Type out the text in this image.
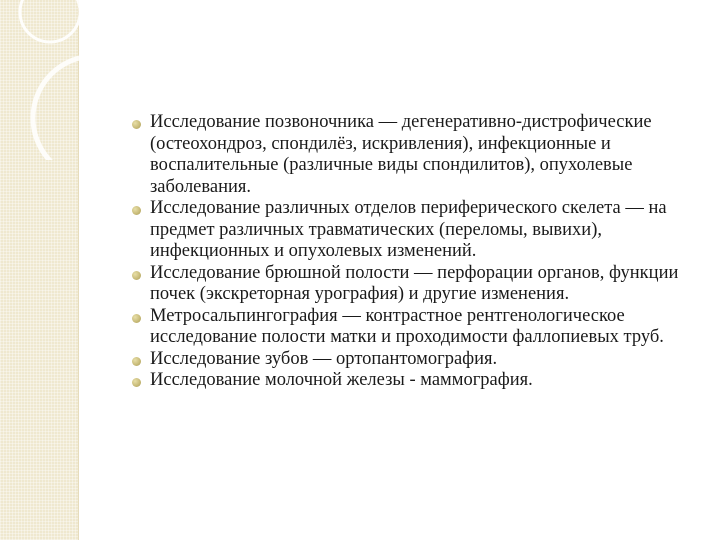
Исследование позвоночника — дегенеративно-дистрофические (остеохондроз, спондилёз, искривления), инфекционные и воспалительные (различные виды спондилитов), опухолевые заболевания.
Исследование различных отделов периферического скелета — на предмет различных травматических (переломы, вывихи), инфекционных и опухолевых изменений.
Исследование брюшной полости — перфорации органов, функции почек (экскреторная урография) и другие изменения.
Метросальпингография — контрастное рентгенологическое исследование полости матки и проходимости фаллопиевых труб.
Исследование зубов — ортопантомография.
Исследование молочной железы - маммография.
